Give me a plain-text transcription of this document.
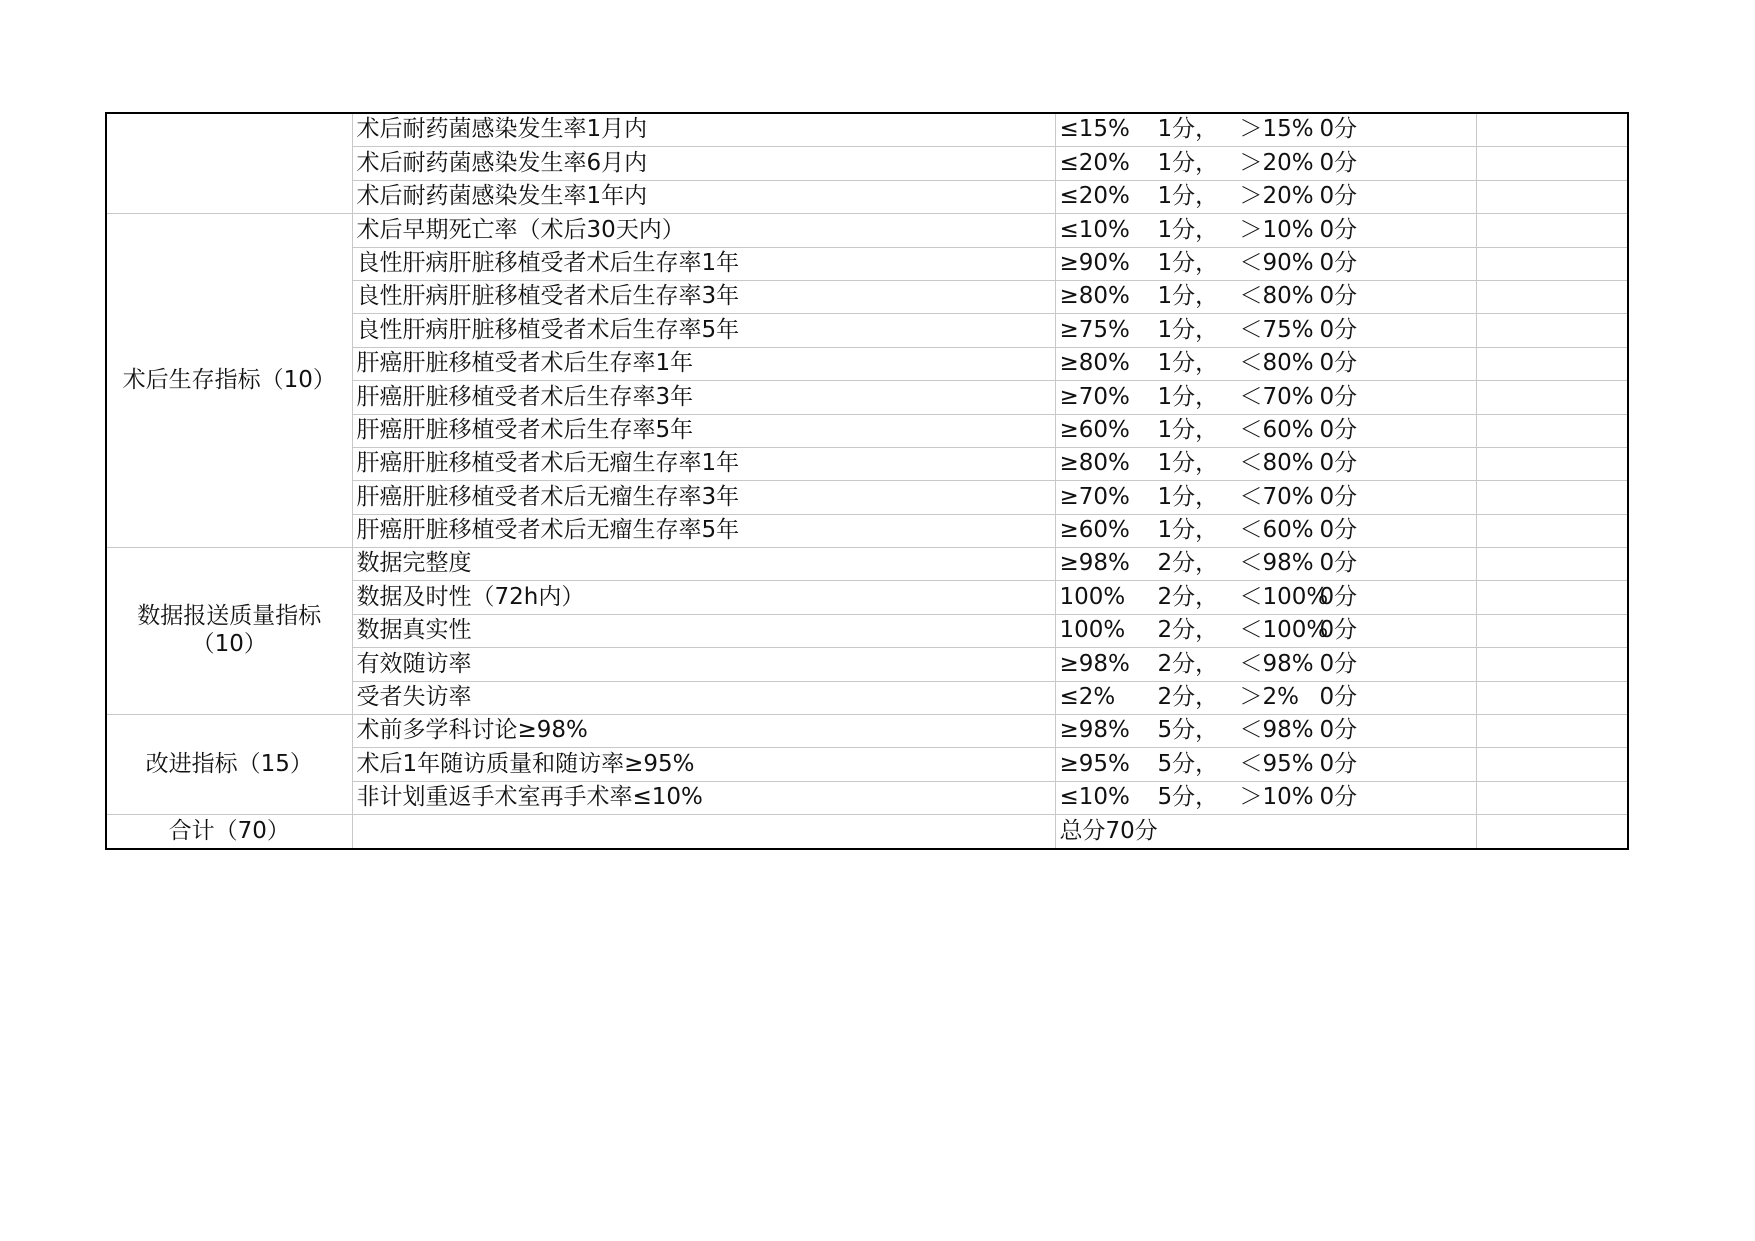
	术后耐药菌感染发生率1月内	≤15% 1分， ＞15% 0分	
	术后耐药菌感染发生率6月内	≤20% 1分， ＞20% 0分	
	术后耐药菌感染发生率1年内	≤20% 1分， ＞20% 0分	
术后生存指标（10）	术后早期死亡率（术后30天内）	≤10% 1分， ＞10% 0分	
	良性肝病肝脏移植受者术后生存率1年	≥90% 1分， ＜90% 0分	
	良性肝病肝脏移植受者术后生存率3年	≥80% 1分， ＜80% 0分	
	良性肝病肝脏移植受者术后生存率5年	≥75% 1分， ＜75% 0分	
	肝癌肝脏移植受者术后生存率1年	≥80% 1分， ＜80% 0分	
	肝癌肝脏移植受者术后生存率3年	≥70% 1分， ＜70% 0分	
	肝癌肝脏移植受者术后生存率5年	≥60% 1分， ＜60% 0分	
	肝癌肝脏移植受者术后无瘤生存率1年	≥80% 1分， ＜80% 0分	
	肝癌肝脏移植受者术后无瘤生存率3年	≥70% 1分， ＜70% 0分	
	肝癌肝脏移植受者术后无瘤生存率5年	≥60% 1分， ＜60% 0分	
数据报送质量指标（10）	数据完整度	≥98% 2分， ＜98% 0分	
	数据及时性（72h内）	100% 2分， ＜100%0分	
	数据真实性	100% 2分， ＜100%0分	
	有效随访率	≥98% 2分， ＜98% 0分	
	受者失访率	≤2% 2分， ＞2% 0分	
改进指标（15）	术前多学科讨论≥98%	≥98% 5分， ＜98% 0分	
	术后1年随访质量和随访率≥95%	≥95% 5分， ＜95% 0分	
	非计划重返手术室再手术率≤10%	≤10% 5分， ＞10% 0分	
合计（70）		总分70分	
